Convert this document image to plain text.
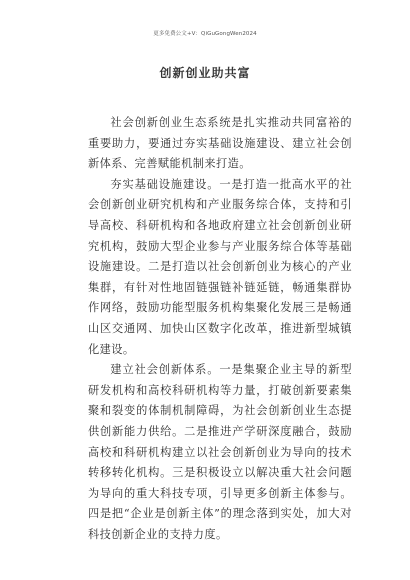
更多免费公文+V：QiGuGongWen2024
创新创业助共富

社会创新创业生态系统是扎实推动共同富裕的重要助力，要通过夯实基础设施建设、建立社会创新体系、完善赋能机制来打造。

夯实基础设施建设。一是打造一批高水平的社会创新创业研究机构和产业服务综合体，支持和引导高校、科研机构和各地政府建立社会创新创业研究机构，鼓励大型企业参与产业服务综合体等基础设施建设。二是打造以社会创新创业为核心的产业集群，有针对性地固链强链补链延链，畅通集群协作网络，鼓励功能型服务机构集聚化发展三是畅通山区交通网、加快山区数字化改革，推进新型城镇化建设。

建立社会创新体系。一是集聚企业主导的新型研发机构和高校科研机构等力量，打破创新要素集聚和裂变的体制机制障碍，为社会创新创业生态提供创新能力供给。二是推进产学研深度融合，鼓励高校和科研机构建立以社会创新创业为导向的技术转移转化机构。三是积极设立以解决重大社会问题为导向的重大科技专项，引导更多创新主体参与。四是把“企业是创新主体”的理念落到实处，加大对科技创新企业的支持力度。
